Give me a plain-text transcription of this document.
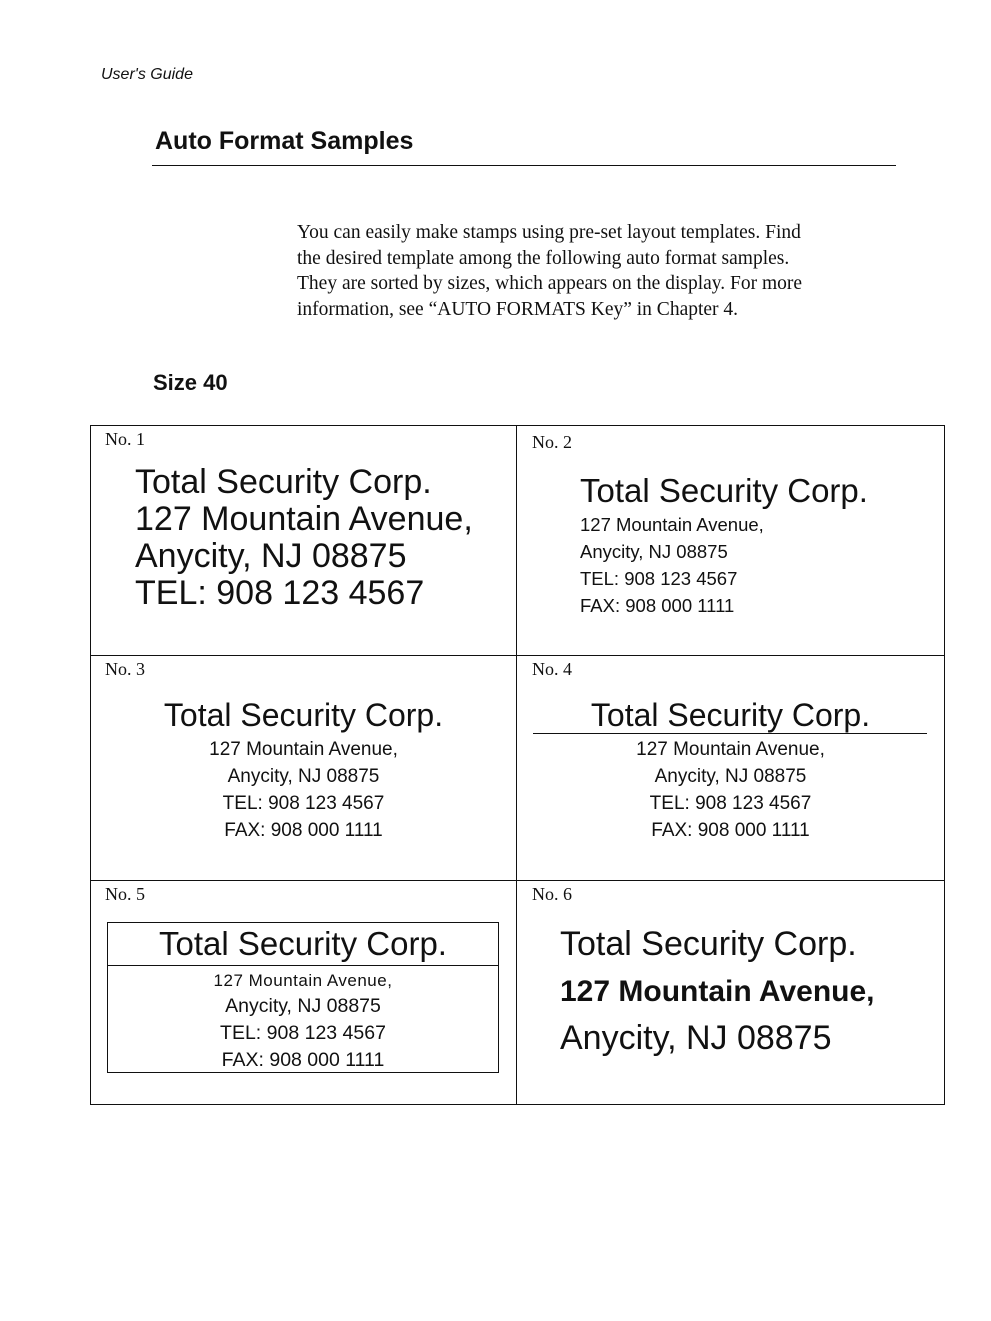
User's Guide
Auto Format Samples

You can easily make stamps using pre-set layout templates. Find

the desired template among the following auto format samples.

They are sorted by sizes, which appears on the display. For more

information, see “AUTO FORMATS Key” in Chapter 4.

Size 40
No. 1
Total Security Corp.
127 Mountain Avenue,
Anycity, NJ 08875
TEL: 908 123 4567
No. 2
Total Security Corp.
127 Mountain Avenue,
Anycity, NJ 08875
TEL: 908 123 4567
FAX: 908 000 1111
No. 3
Total Security Corp.
127 Mountain Avenue,
Anycity, NJ 08875
TEL: 908 123 4567
FAX: 908 000 1111
No. 4
Total Security Corp.
127 Mountain Avenue,
Anycity, NJ 08875
TEL: 908 123 4567
FAX: 908 000 1111
No. 5
Total Security Corp.
127 Mountain Avenue,
Anycity, NJ 08875
TEL: 908 123 4567
FAX: 908 000 1111
No. 6
Total Security Corp.
127 Mountain Avenue,
Anycity, NJ 08875
